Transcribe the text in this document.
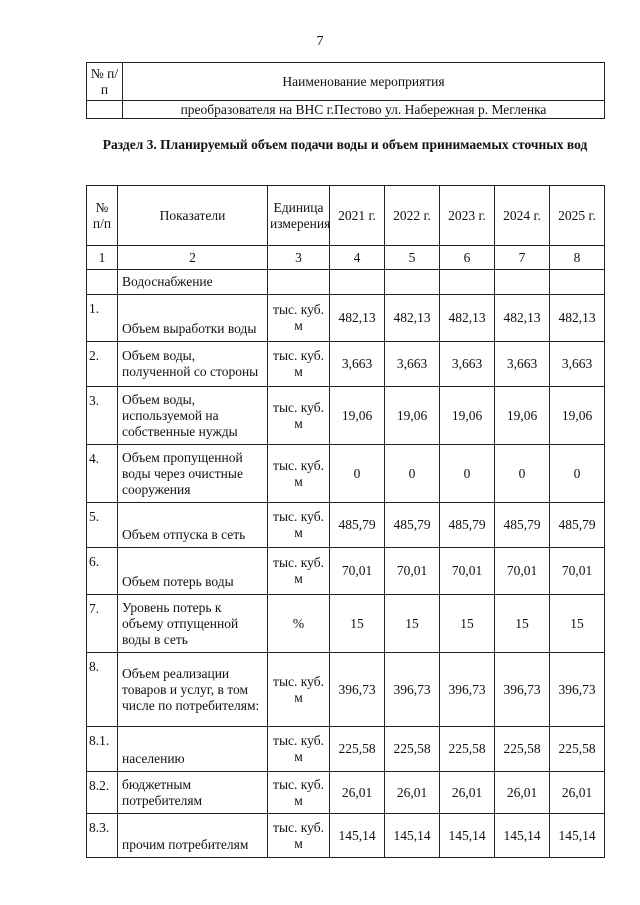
7
№ п/п	Наименование мероприятия
	преобразователя на ВНС г.Пестово ул. Набережная р. Мегленка
Раздел 3. Планируемый объем подачи воды и объем принимаемых сточных вод
№ п/п	Показатели	Единица измерения	2021 г.	2022 г.	2023 г.	2024 г.	2025 г.
1	2	3	4	5	6	7	8
	Водоснабжение						
1.	Объем выработки воды	тыс. куб. м	482,13	482,13	482,13	482,13	482,13
2.	Объем воды, полученной со стороны	тыс. куб. м	3,663	3,663	3,663	3,663	3,663
3.	Объем воды, используемой на собственные нужды	тыс. куб. м	19,06	19,06	19,06	19,06	19,06
4.	Объем пропущенной воды через очистные сооружения	тыс. куб. м	0	0	0	0	0
5.	Объем отпуска в сеть	тыс. куб. м	485,79	485,79	485,79	485,79	485,79
6.	Объем потерь воды	тыс. куб. м	70,01	70,01	70,01	70,01	70,01
7.	Уровень потерь к объему отпущенной воды в сеть	%	15	15	15	15	15
8.	Объем реализации товаров и услуг, в том числе по потребителям:	тыс. куб. м	396,73	396,73	396,73	396,73	396,73
8.1.	населению	тыс. куб. м	225,58	225,58	225,58	225,58	225,58
8.2.	бюджетным потребителям	тыс. куб. м	26,01	26,01	26,01	26,01	26,01
8.3.	прочим потребителям	тыс. куб. м	145,14	145,14	145,14	145,14	145,14
